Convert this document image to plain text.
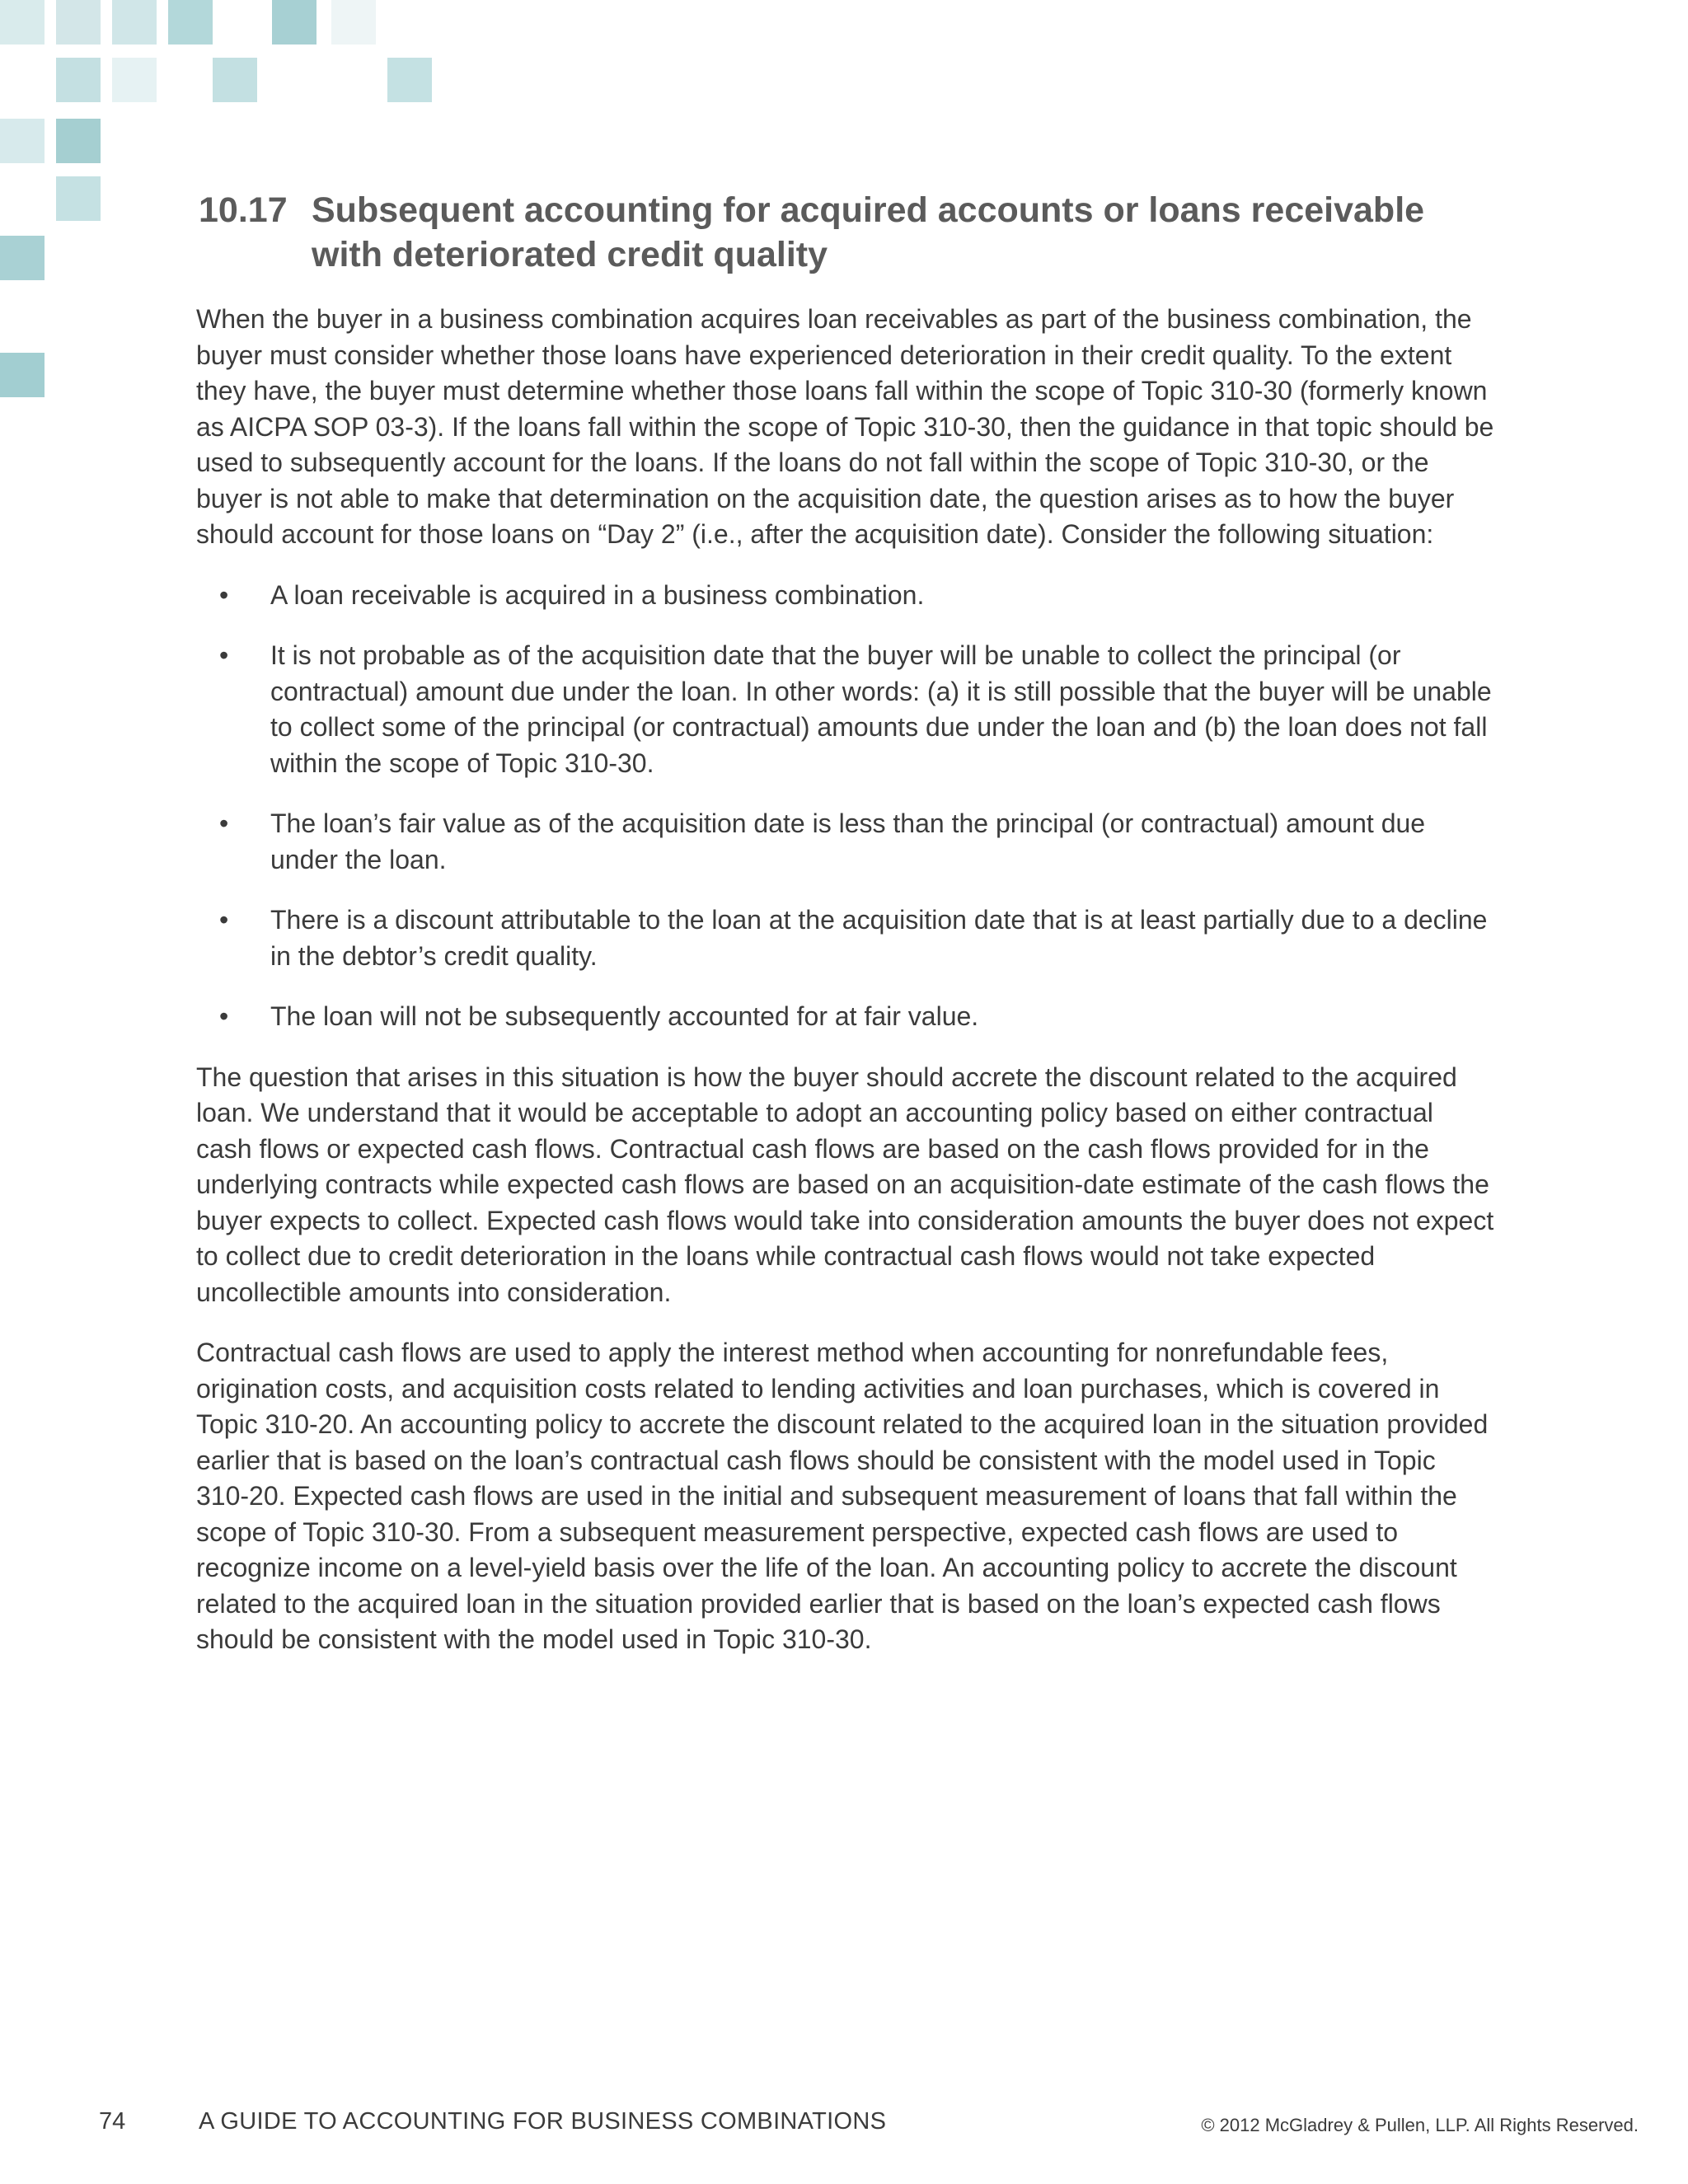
10.17 Subsequent accounting for acquired accounts or loans receivable
with deteriorated credit quality

When the buyer in a business combination acquires loan receivables as part of the business combination, the buyer must consider whether those loans have experienced deterioration in their credit quality. To the extent they have, the buyer must determine whether those loans fall within the scope of Topic 310-30 (formerly known as AICPA SOP 03-3). If the loans fall within the scope of Topic 310-30, then the guidance in that topic should be used to subsequently account for the loans. If the loans do not fall within the scope of Topic 310-30, or the buyer is not able to make that determination on the acquisition date, the question arises as to how the buyer should account for those loans on “Day 2” (i.e., after the acquisition date). Consider the following situation:

• A loan receivable is acquired in a business combination.
• It is not probable as of the acquisition date that the buyer will be unable to collect the principal (or contractual) amount due under the loan. In other words: (a) it is still possible that the buyer will be unable to collect some of the principal (or contractual) amounts due under the loan and (b) the loan does not fall within the scope of Topic 310-30.
• The loan’s fair value as of the acquisition date is less than the principal (or contractual) amount due under the loan.
• There is a discount attributable to the loan at the acquisition date that is at least partially due to a decline in the debtor’s credit quality.
• The loan will not be subsequently accounted for at fair value.

The question that arises in this situation is how the buyer should accrete the discount related to the acquired loan. We understand that it would be acceptable to adopt an accounting policy based on either contractual cash flows or expected cash flows. Contractual cash flows are based on the cash flows provided for in the underlying contracts while expected cash flows are based on an acquisition-date estimate of the cash flows the buyer expects to collect. Expected cash flows would take into consideration amounts the buyer does not expect to collect due to credit deterioration in the loans while contractual cash flows would not take expected uncollectible amounts into consideration.

Contractual cash flows are used to apply the interest method when accounting for nonrefundable fees, origination costs, and acquisition costs related to lending activities and loan purchases, which is covered in Topic 310-20. An accounting policy to accrete the discount related to the acquired loan in the situation provided earlier that is based on the loan’s contractual cash flows should be consistent with the model used in Topic 310-20. Expected cash flows are used in the initial and subsequent measurement of loans that fall within the scope of Topic 310-30. From a subsequent measurement perspective, expected cash flows are used to recognize income on a level-yield basis over the life of the loan. An accounting policy to accrete the discount related to the acquired loan in the situation provided earlier that is based on the loan’s expected cash flows should be consistent with the model used in Topic 310-30.

74	A GUIDE TO ACCOUNTING FOR BUSINESS COMBINATIONS	© 2012 McGladrey & Pullen, LLP. All Rights Reserved.
